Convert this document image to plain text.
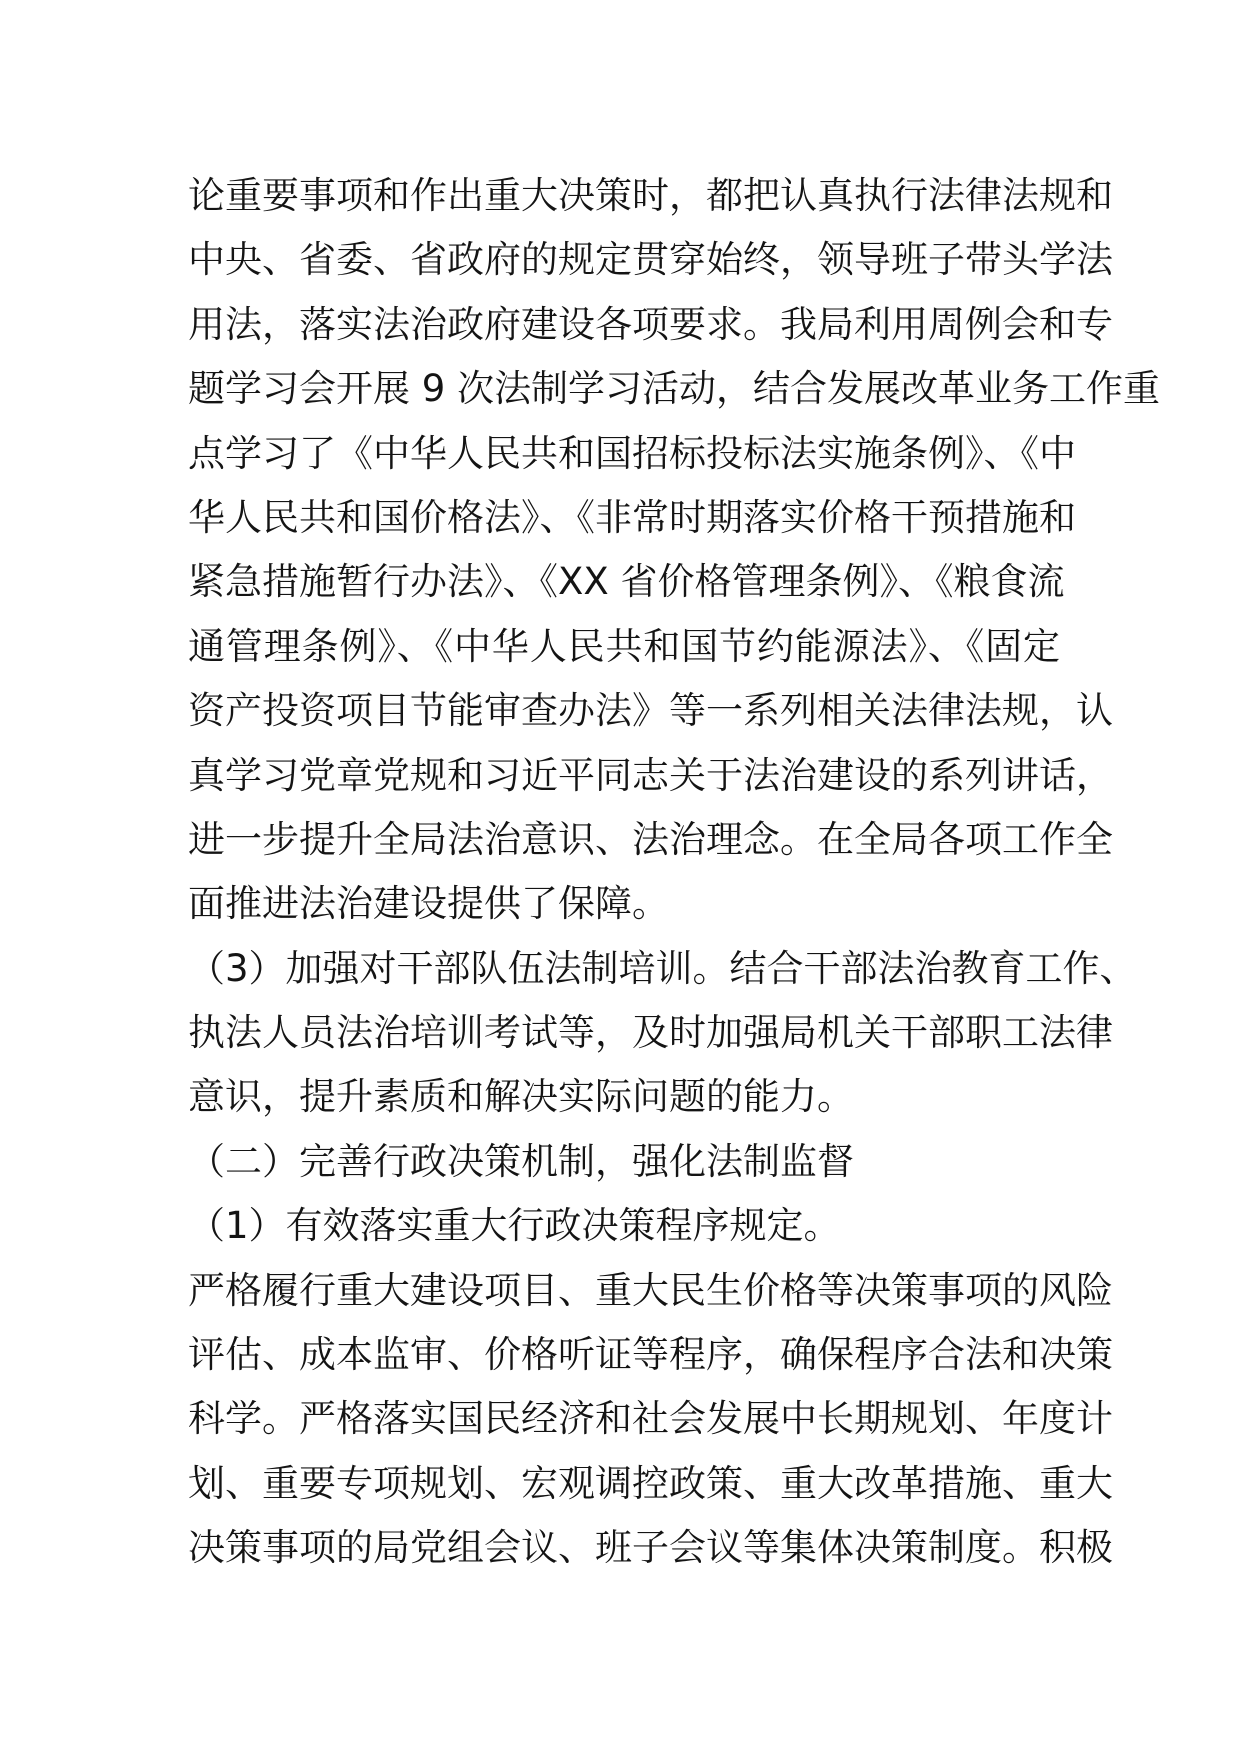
论重要事项和作出重大决策时，都把认真执行法律法规和
中央、省委、省政府的规定贯穿始终，领导班子带头学法
用法，落实法治政府建设各项要求。我局利用周例会和专
题学习会开展 9 次法制学习活动，结合发展改革业务工作重
点学习了《中华人民共和国招标投标法实施条例》、《中
华人民共和国价格法》、《非常时期落实价格干预措施和
紧急措施暂行办法》、《XX 省价格管理条例》、《粮食流
通管理条例》、《中华人民共和国节约能源法》、《固定
资产投资项目节能审查办法》等一系列相关法律法规，认
真学习党章党规和习近平同志关于法治建设的系列讲话，
进一步提升全局法治意识、法治理念。在全局各项工作全
面推进法治建设提供了保障。
（3）加强对干部队伍法制培训。结合干部法治教育工作、
执法人员法治培训考试等，及时加强局机关干部职工法律
意识，提升素质和解决实际问题的能力。
（二）完善行政决策机制，强化法制监督
（1）有效落实重大行政决策程序规定。
严格履行重大建设项目、重大民生价格等决策事项的风险
评估、成本监审、价格听证等程序，确保程序合法和决策
科学。严格落实国民经济和社会发展中长期规划、年度计
划、重要专项规划、宏观调控政策、重大改革措施、重大
决策事项的局党组会议、班子会议等集体决策制度。积极
